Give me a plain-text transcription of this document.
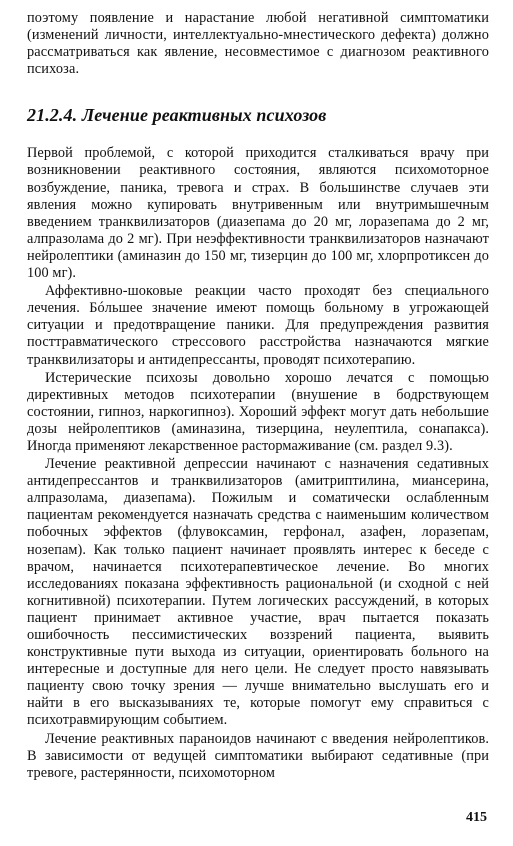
поэтому появление и нарастание любой негативной симптоматики (изменений личности, интеллектуально-мнестического дефекта) должно рассматриваться как явление, несовместимое с диагнозом реактивного психоза.

21.2.4. Лечение реактивных психозов

Первой проблемой, с которой приходится сталкиваться врачу при возникновении реактивного состояния, являются психомоторное возбуждение, паника, тревога и страх. В большинстве случаев эти явления можно купировать внутривенным или внутримышечным введением транквилизаторов (диазепама до 20 мг, лоразепама до 2 мг, алпразолама до 2 мг). При неэффективности транквилизаторов назначают нейролептики (аминазин до 150 мг, тизерцин до 100 мг, хлорпротиксен до 100 мг).

Аффективно-шоковые реакции часто проходят без специального лечения. Бóльшее значение имеют помощь больному в угрожающей ситуации и предотвращение паники. Для предупреждения развития посттравматического стрессового расстройства назначаются мягкие транквилизаторы и антидепрессанты, проводят психотерапию.

Истерические психозы довольно хорошо лечатся с помощью директивных методов психотерапии (внушение в бодрствующем состоянии, гипноз, наркогипноз). Хороший эффект могут дать небольшие дозы нейролептиков (аминазина, тизерцина, неулептила, сонапакса). Иногда применяют лекарственное растормаживание (см. раздел 9.3).

Лечение реактивной депрессии начинают с назначения седативных антидепрессантов и транквилизаторов (амитриптилина, миансерина, алпразолама, диазепама). Пожилым и соматически ослабленным пациентам рекомендуется назначать средства с наименьшим количеством побочных эффектов (флувоксамин, герфонал, азафен, лоразепам, нозепам). Как только пациент начинает проявлять интерес к беседе с врачом, начинается психотерапевтическое лечение. Во многих исследованиях показана эффективность рациональной (и сходной с ней когнитивной) психотерапии. Путем логических рассуждений, в которых пациент принимает активное участие, врач пытается показать ошибочность пессимистических воззрений пациента, выявить конструктивные пути выхода из ситуации, ориентировать больного на интересные и доступные для него цели. Не следует просто навязывать пациенту свою точку зрения — лучше внимательно выслушать его и найти в его высказываниях те, которые помогут ему справиться с психотравмирующим событием.

Лечение реактивных параноидов начинают с введения нейролептиков. В зависимости от ведущей симптоматики выбирают седативные (при тревоге, растерянности, психомоторном

415
